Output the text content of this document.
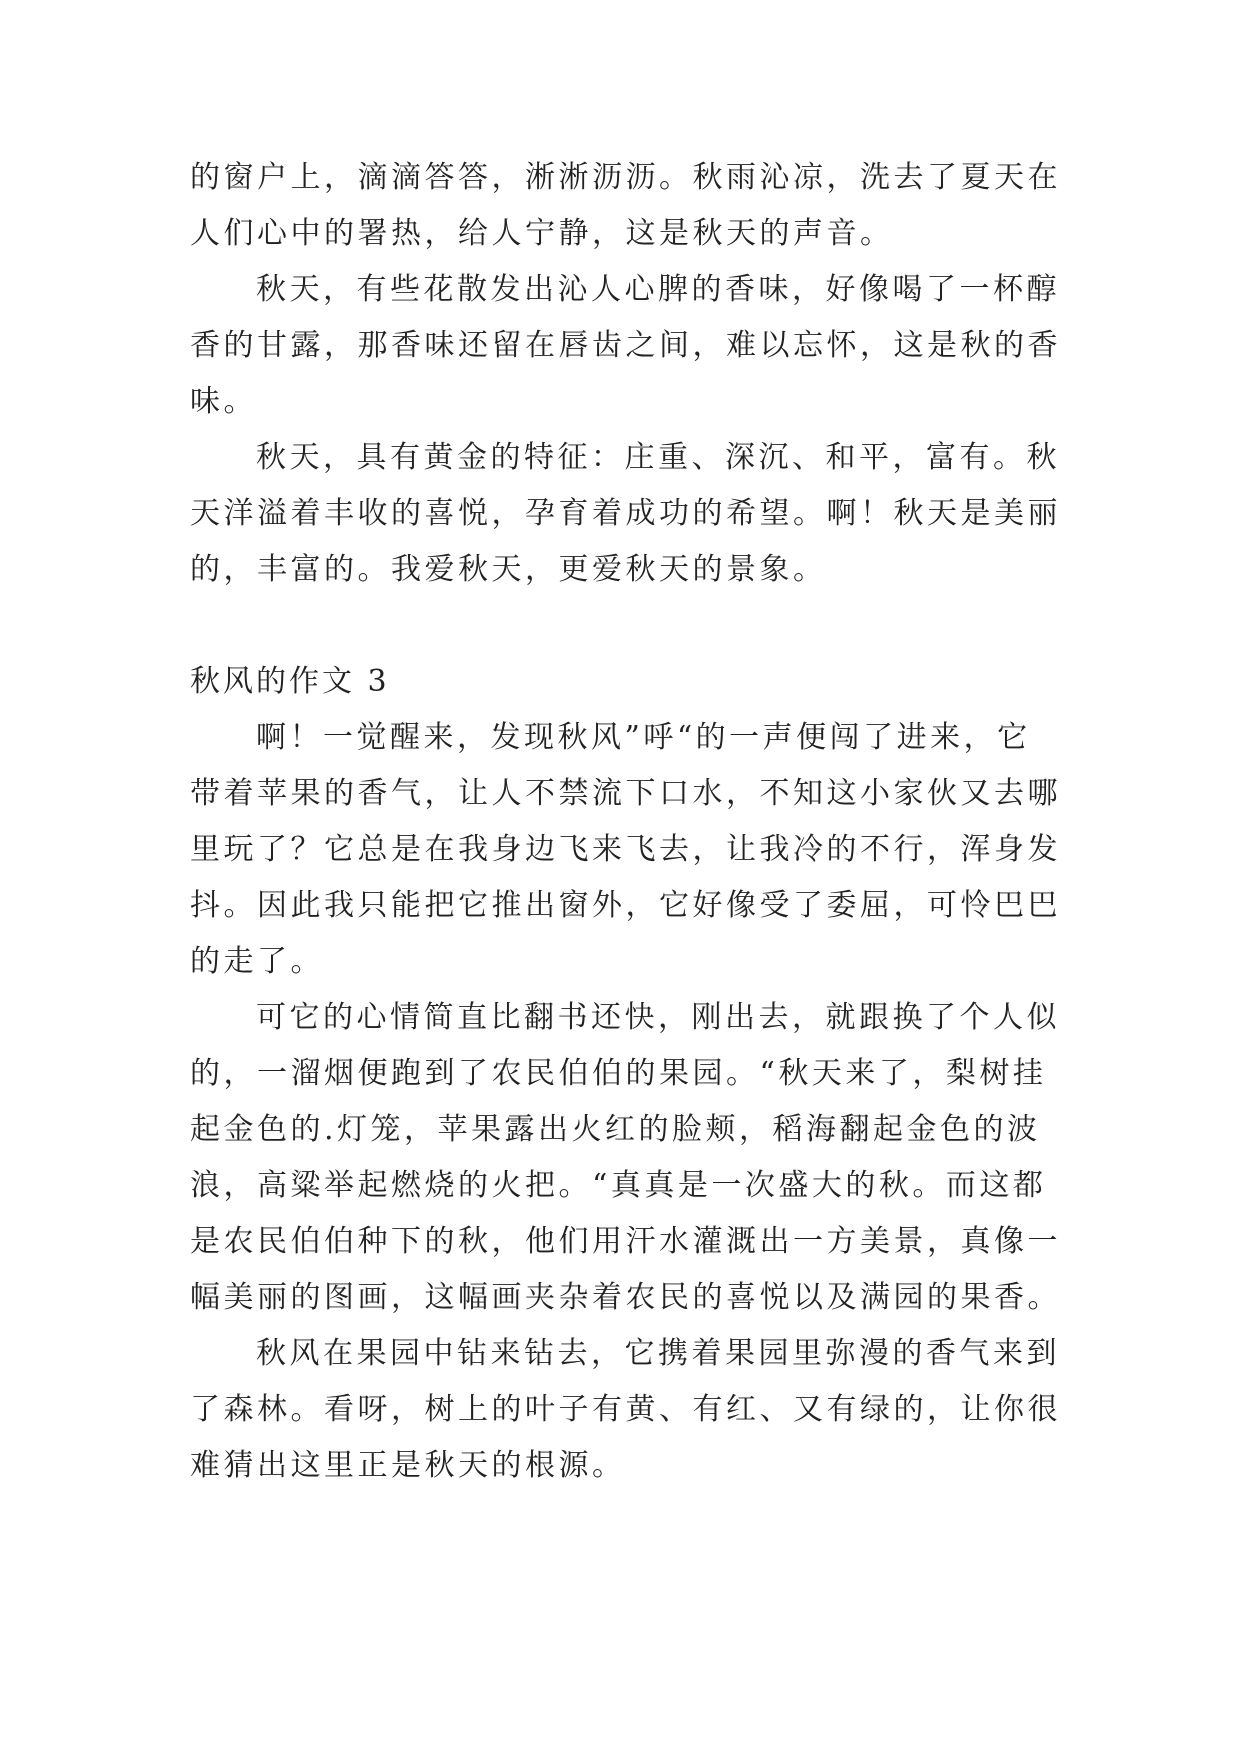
的窗户上，滴滴答答，淅淅沥沥。秋雨沁凉，洗去了夏天在
人们心中的署热，给人宁静，这是秋天的声音。
秋天，有些花散发出沁人心脾的香味，好像喝了一杯醇
香的甘露，那香味还留在唇齿之间，难以忘怀，这是秋的香
味。
秋天，具有黄金的特征：庄重、深沉、和平，富有。秋
天洋溢着丰收的喜悦，孕育着成功的希望。啊！秋天是美丽
的，丰富的。我爱秋天，更爱秋天的景象。
秋风的作文 3
啊！一觉醒来，发现秋风”呼“的一声便闯了进来，它
带着苹果的香气，让人不禁流下口水，不知这小家伙又去哪
里玩了？它总是在我身边飞来飞去，让我冷的不行，浑身发
抖。因此我只能把它推出窗外，它好像受了委屈，可怜巴巴
的走了。
可它的心情简直比翻书还快，刚出去，就跟换了个人似
的，一溜烟便跑到了农民伯伯的果园。“秋天来了，梨树挂
起金色的.灯笼，苹果露出火红的脸颊，稻海翻起金色的波
浪，高粱举起燃烧的火把。“真真是一次盛大的秋。而这都
是农民伯伯种下的秋，他们用汗水灌溉出一方美景，真像一
幅美丽的图画，这幅画夹杂着农民的喜悦以及满园的果香。
秋风在果园中钻来钻去，它携着果园里弥漫的香气来到
了森林。看呀，树上的叶子有黄、有红、又有绿的，让你很
难猜出这里正是秋天的根源。
